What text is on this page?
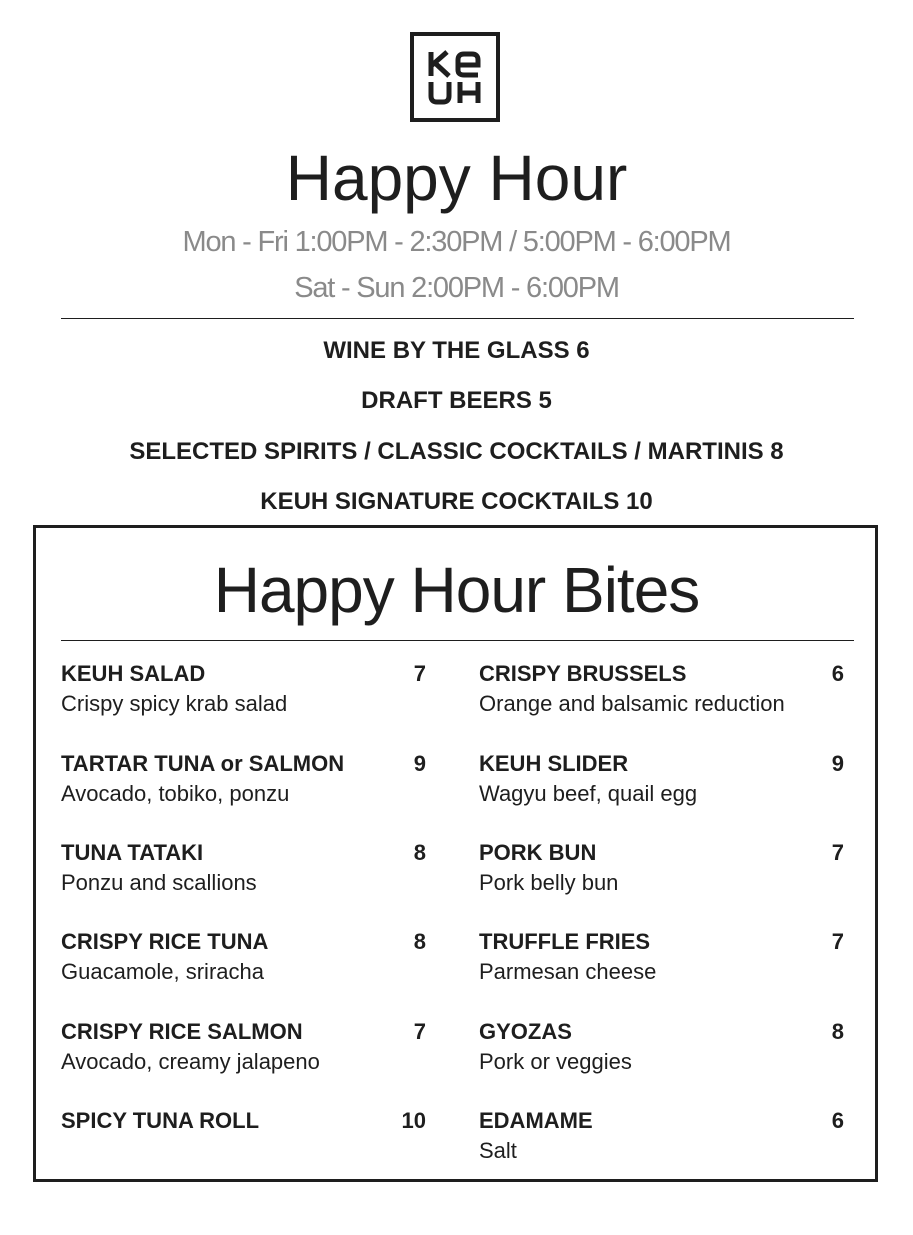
Happy Hour
Mon - Fri 1:00PM - 2:30PM / 5:00PM - 6:00PM
Sat - Sun 2:00PM - 6:00PM
WINE BY THE GLASS 6
DRAFT BEERS 5
SELECTED SPIRITS / CLASSIC COCKTAILS / MARTINIS 8
KEUH SIGNATURE COCKTAILS 10
Happy Hour Bites
KEUH SALAD	7
Crispy spicy krab salad
TARTAR TUNA or SALMON	9
Avocado, tobiko, ponzu
TUNA TATAKI	8
Ponzu and scallions
CRISPY RICE TUNA	8
Guacamole, sriracha
CRISPY RICE SALMON	7
Avocado, creamy jalapeno
SPICY TUNA ROLL	10
CRISPY BRUSSELS	6
Orange and balsamic reduction
KEUH SLIDER	9
Wagyu beef, quail egg
PORK BUN	7
Pork belly bun
TRUFFLE FRIES	7
Parmesan cheese
GYOZAS	8
Pork or veggies
EDAMAME	6
Salt
